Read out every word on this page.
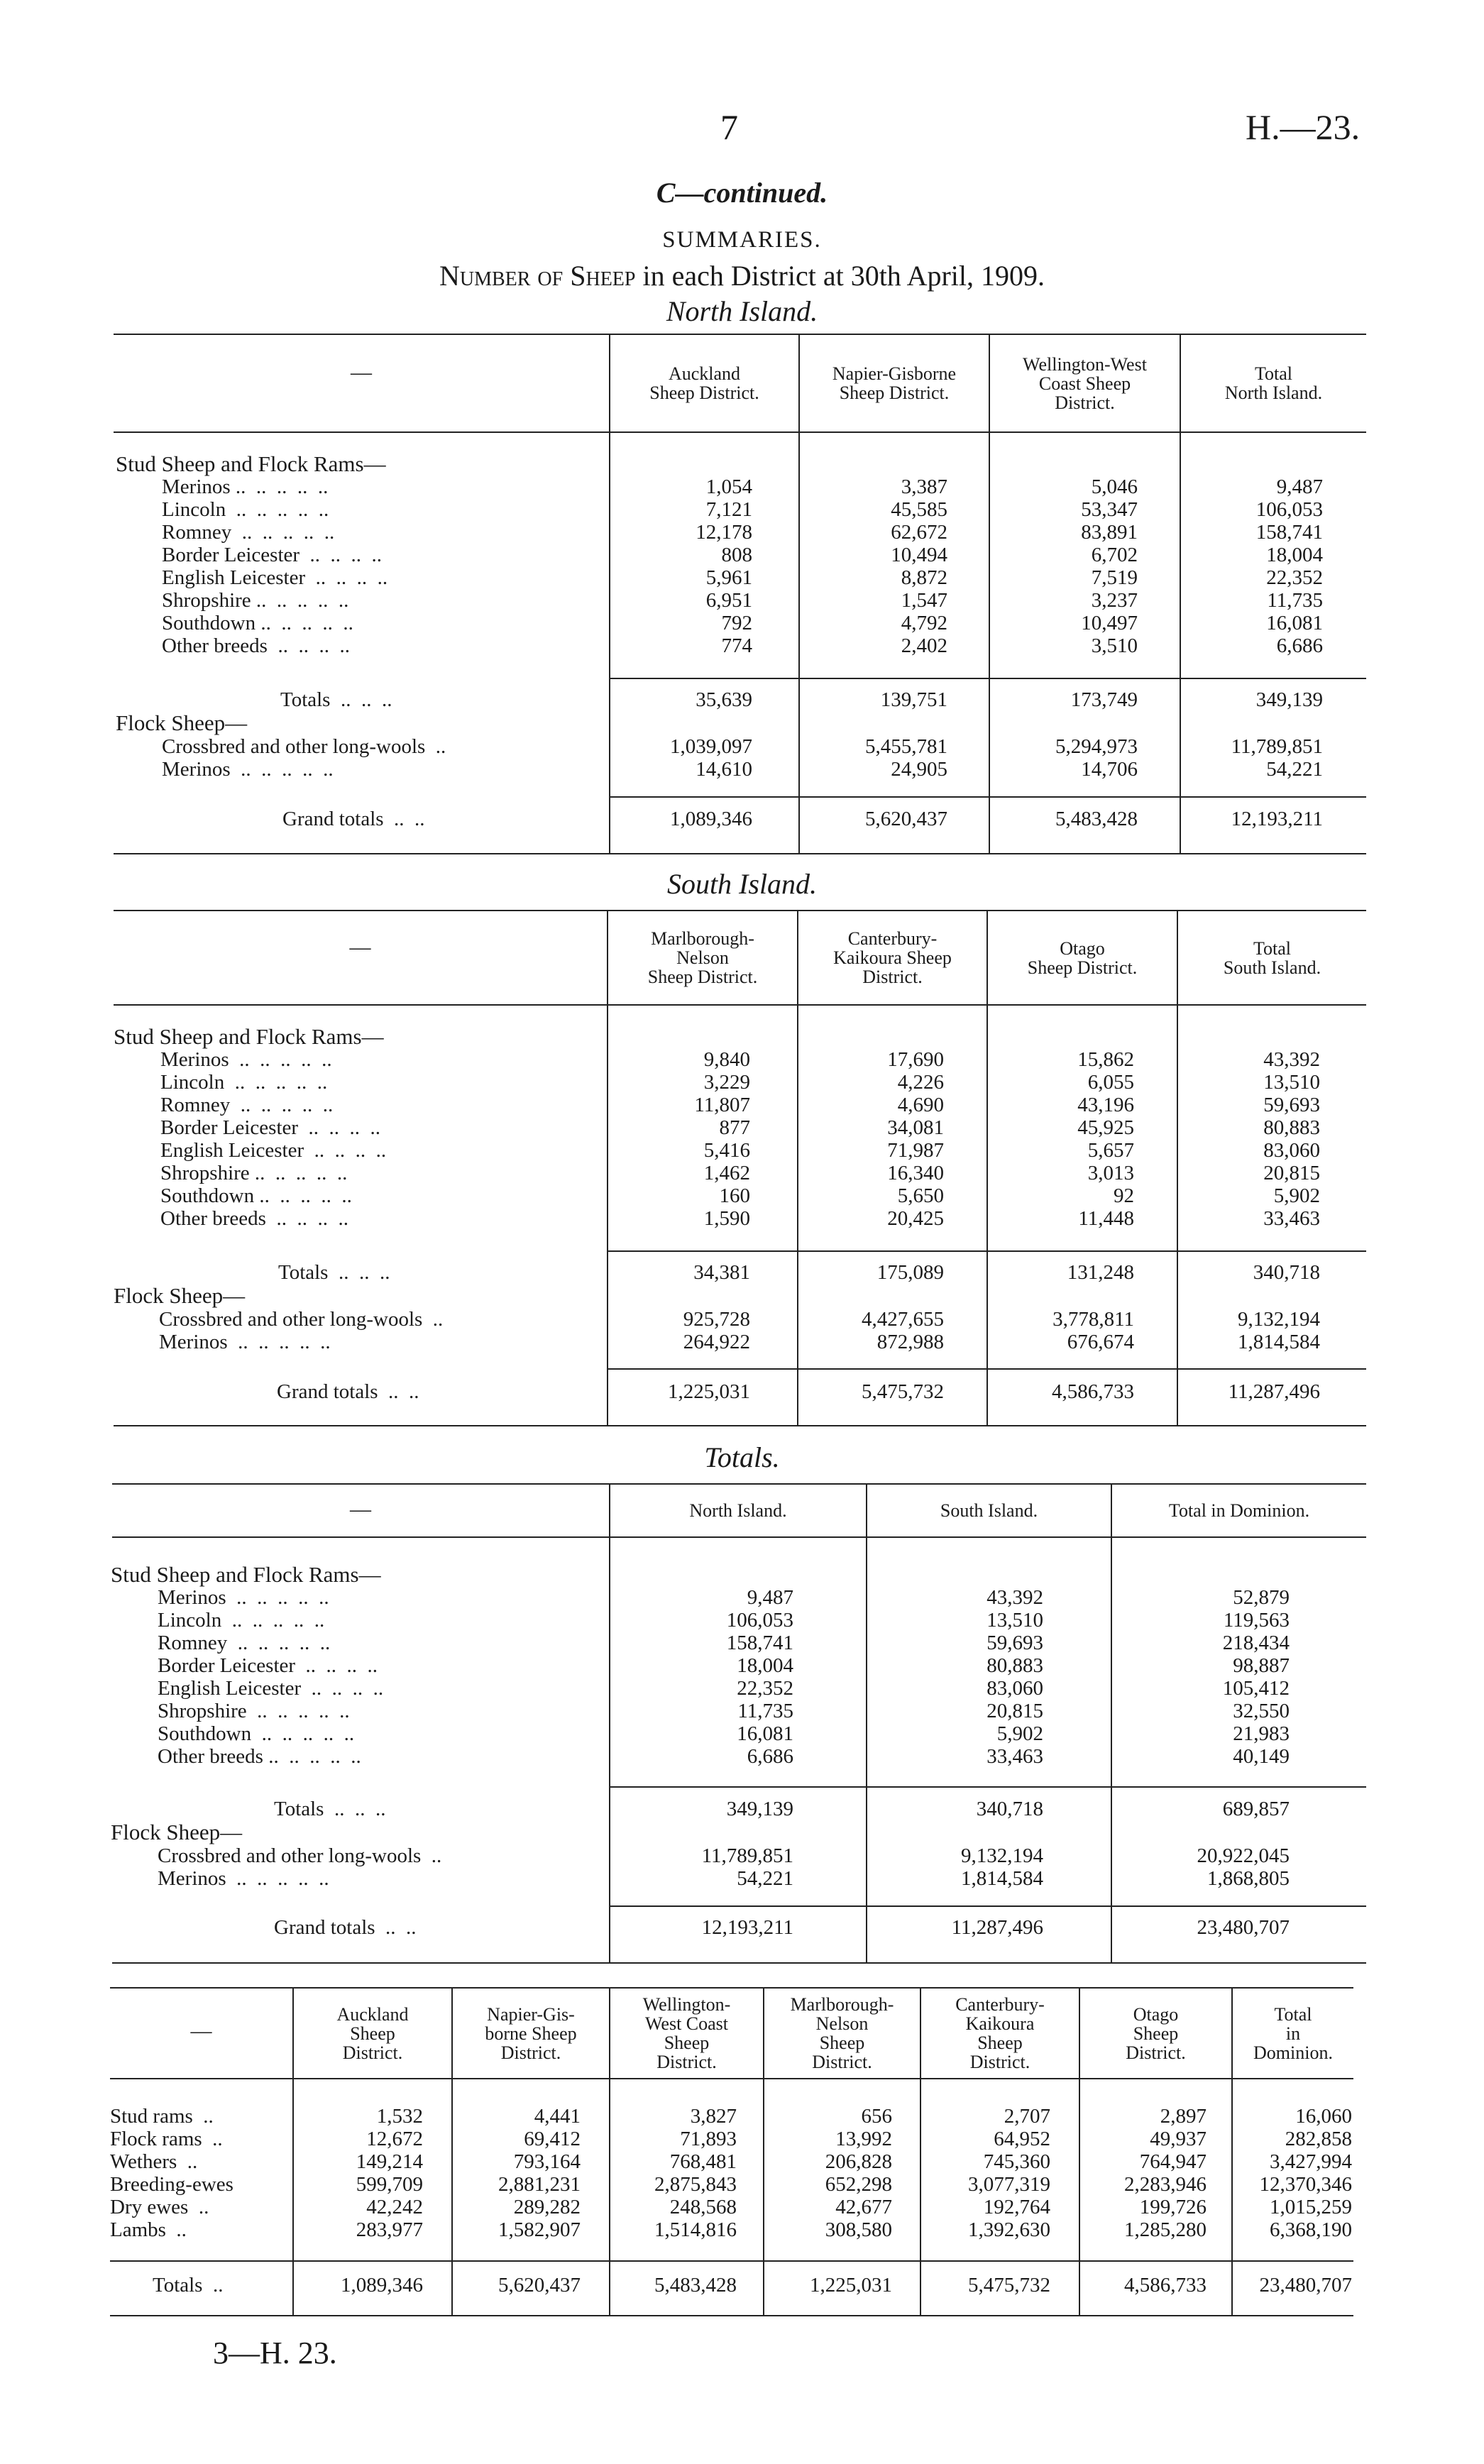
7	H.—23.
C—continued.
SUMMARIES.
Number of Sheep in each District at 30th April, 1909.
North Island.
—	Auckland
Sheep District.
Napier-Gisborne
Sheep District.
Wellington-West
Coast Sheep
District.
Total
North Island.
Stud Sheep and Flock Rams—
Merinos ..  ..  ..  ..  ..	1,054	3,387	5,046	9,487
Lincoln  ..  ..  ..  ..  ..	7,121	45,585	53,347	106,053
Romney  ..  ..  ..  ..  ..	12,178	62,672	83,891	158,741
Border Leicester  ..  ..  ..  ..	808	10,494	6,702	18,004
English Leicester  ..  ..  ..  ..	5,961	8,872	7,519	22,352
Shropshire ..  ..  ..  ..  ..	6,951	1,547	3,237	11,735
Southdown ..  ..  ..  ..  ..	792	4,792	10,497	16,081
Other breeds  ..  ..  ..  ..	774	2,402	3,510	6,686
Totals  ..  ..  ..	35,639	139,751	173,749	349,139
Flock Sheep—
Crossbred and other long-wools  ..	1,039,097	5,455,781	5,294,973	11,789,851
Merinos  ..  ..  ..  ..  ..	14,610	24,905	14,706	54,221
Grand totals  ..  ..	1,089,346	5,620,437	5,483,428	12,193,211
South Island.
—	Marlborough-
Nelson
Sheep District.
Canterbury-
Kaikoura Sheep
District.
Otago
Sheep District.
Total
South Island.
Stud Sheep and Flock Rams—
Merinos  ..  ..  ..  ..  ..	9,840	17,690	15,862	43,392
Lincoln  ..  ..  ..  ..  ..	3,229	4,226	6,055	13,510
Romney  ..  ..  ..  ..  ..	11,807	4,690	43,196	59,693
Border Leicester  ..  ..  ..  ..	877	34,081	45,925	80,883
English Leicester  ..  ..  ..  ..	5,416	71,987	5,657	83,060
Shropshire ..  ..  ..  ..  ..	1,462	16,340	3,013	20,815
Southdown ..  ..  ..  ..  ..	160	5,650	92	5,902
Other breeds  ..  ..  ..  ..	1,590	20,425	11,448	33,463
Totals  ..  ..  ..	34,381	175,089	131,248	340,718
Flock Sheep—
Crossbred and other long-wools  ..	925,728	4,427,655	3,778,811	9,132,194
Merinos  ..  ..  ..  ..  ..	264,922	872,988	676,674	1,814,584
Grand totals  ..  ..	1,225,031	5,475,732	4,586,733	11,287,496
Totals.
—	North Island.	South Island.	Total in Dominion.
Stud Sheep and Flock Rams—
Merinos  ..  ..  ..  ..  ..	9,487	43,392	52,879
Lincoln  ..  ..  ..  ..  ..	106,053	13,510	119,563
Romney  ..  ..  ..  ..  ..	158,741	59,693	218,434
Border Leicester  ..  ..  ..  ..	18,004	80,883	98,887
English Leicester  ..  ..  ..  ..	22,352	83,060	105,412
Shropshire  ..  ..  ..  ..  ..	11,735	20,815	32,550
Southdown  ..  ..  ..  ..  ..	16,081	5,902	21,983
Other breeds ..  ..  ..  ..  ..	6,686	33,463	40,149
Totals  ..  ..  ..	349,139	340,718	689,857
Flock Sheep—
Crossbred and other long-wools  ..	11,789,851	9,132,194	20,922,045
Merinos  ..  ..  ..  ..  ..	54,221	1,814,584	1,868,805
Grand totals  ..  ..	12,193,211	11,287,496	23,480,707
—
Auckland
Sheep
District.
Napier-Gis-
borne Sheep
District.
Wellington-
West Coast
Sheep
District.
Marlborough-
Nelson
Sheep
District.
Canterbury-
Kaikoura
Sheep
District.
Otago
Sheep
District.
Total
in
Dominion.
Stud rams  ..	1,532	4,441	3,827	656	2,707	2,897	16,060
Flock rams  ..	12,672	69,412	71,893	13,992	64,952	49,937	282,858
Wethers  ..	149,214	793,164	768,481	206,828	745,360	764,947	3,427,994
Breeding-ewes	599,709	2,881,231	2,875,843	652,298	3,077,319	2,283,946	12,370,346
Dry ewes  ..	42,242	289,282	248,568	42,677	192,764	199,726	1,015,259
Lambs  ..	283,977	1,582,907	1,514,816	308,580	1,392,630	1,285,280	6,368,190
Totals  ..	1,089,346	5,620,437	5,483,428	1,225,031	5,475,732	4,586,733	23,480,707
3—H. 23.
